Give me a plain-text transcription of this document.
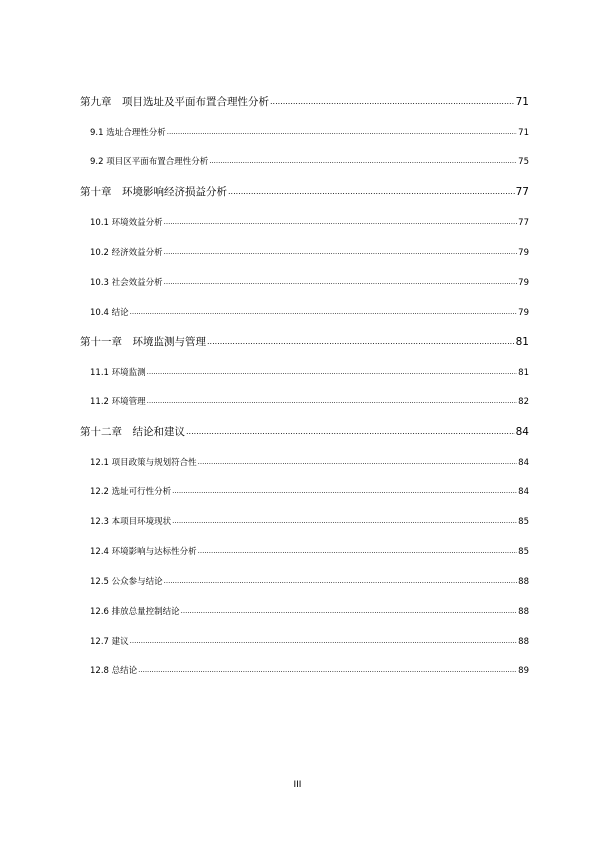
第九章　项目选址及平面布置合理性分析 .....	71
9.1 选址合理性分析 .....	71
9.2 项目区平面布置合理性分析 .....	75
第十章　环境影响经济损益分析 .....	77
10.1 环境效益分析 .....	77
10.2 经济效益分析 .....	79
10.3 社会效益分析 .....	79
10.4 结论 .....	79
第十一章　环境监测与管理 .....	81
11.1 环境监测 .....	81
11.2 环境管理 .....	82
第十二章　结论和建议 .....	84
12.1 项目政策与规划符合性 .....	84
12.2 选址可行性分析 .....	84
12.3 本项目环境现状 .....	85
12.4 环境影响与达标性分析 .....	85
12.5 公众参与结论 .....	88
12.6 排放总量控制结论 .....	88
12.7 建议 .....	88
12.8 总结论 .....	89
III
